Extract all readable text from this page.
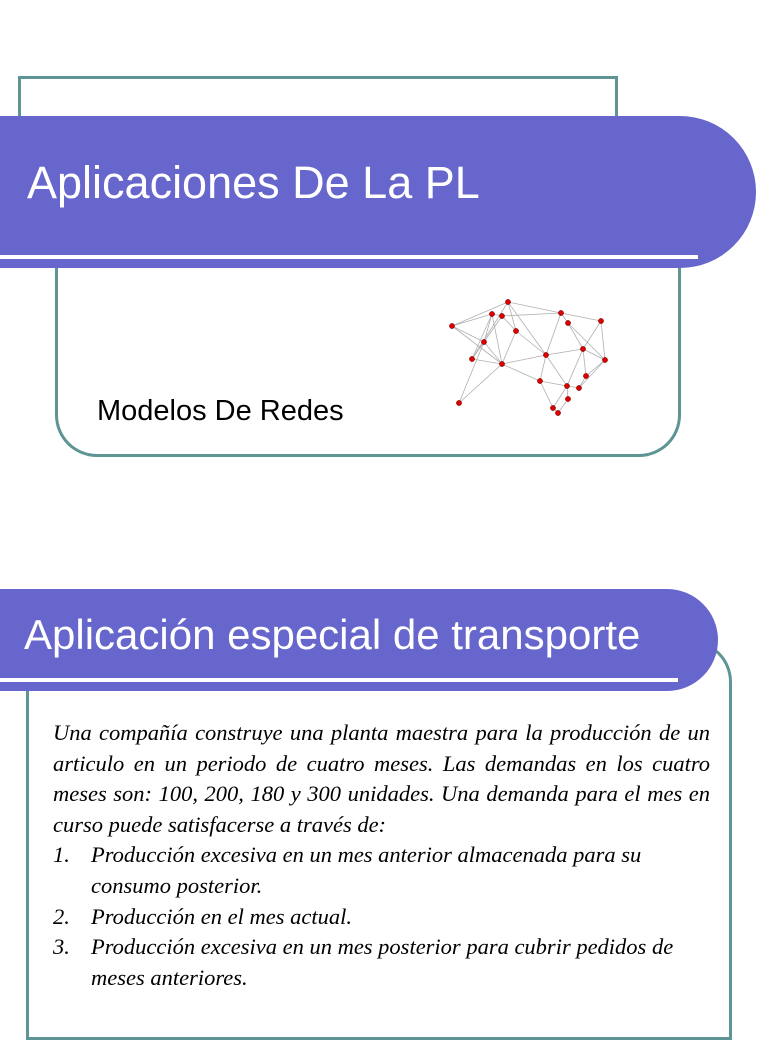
Aplicaciones De La PL
Modelos De Redes
Aplicación especial de transporte

Una compañía construye una planta maestra para la producción de un articulo en un periodo de cuatro meses. Las demandas en los cuatro meses son: 100, 200, 180 y 300 unidades. Una demanda para el mes en curso puede satisfacerse a través de:

1. Producción excesiva en un mes anterior almacenada para su consumo posterior.
2. Producción en el mes actual.
3. Producción excesiva en un mes posterior para cubrir pedidos de meses anteriores.
